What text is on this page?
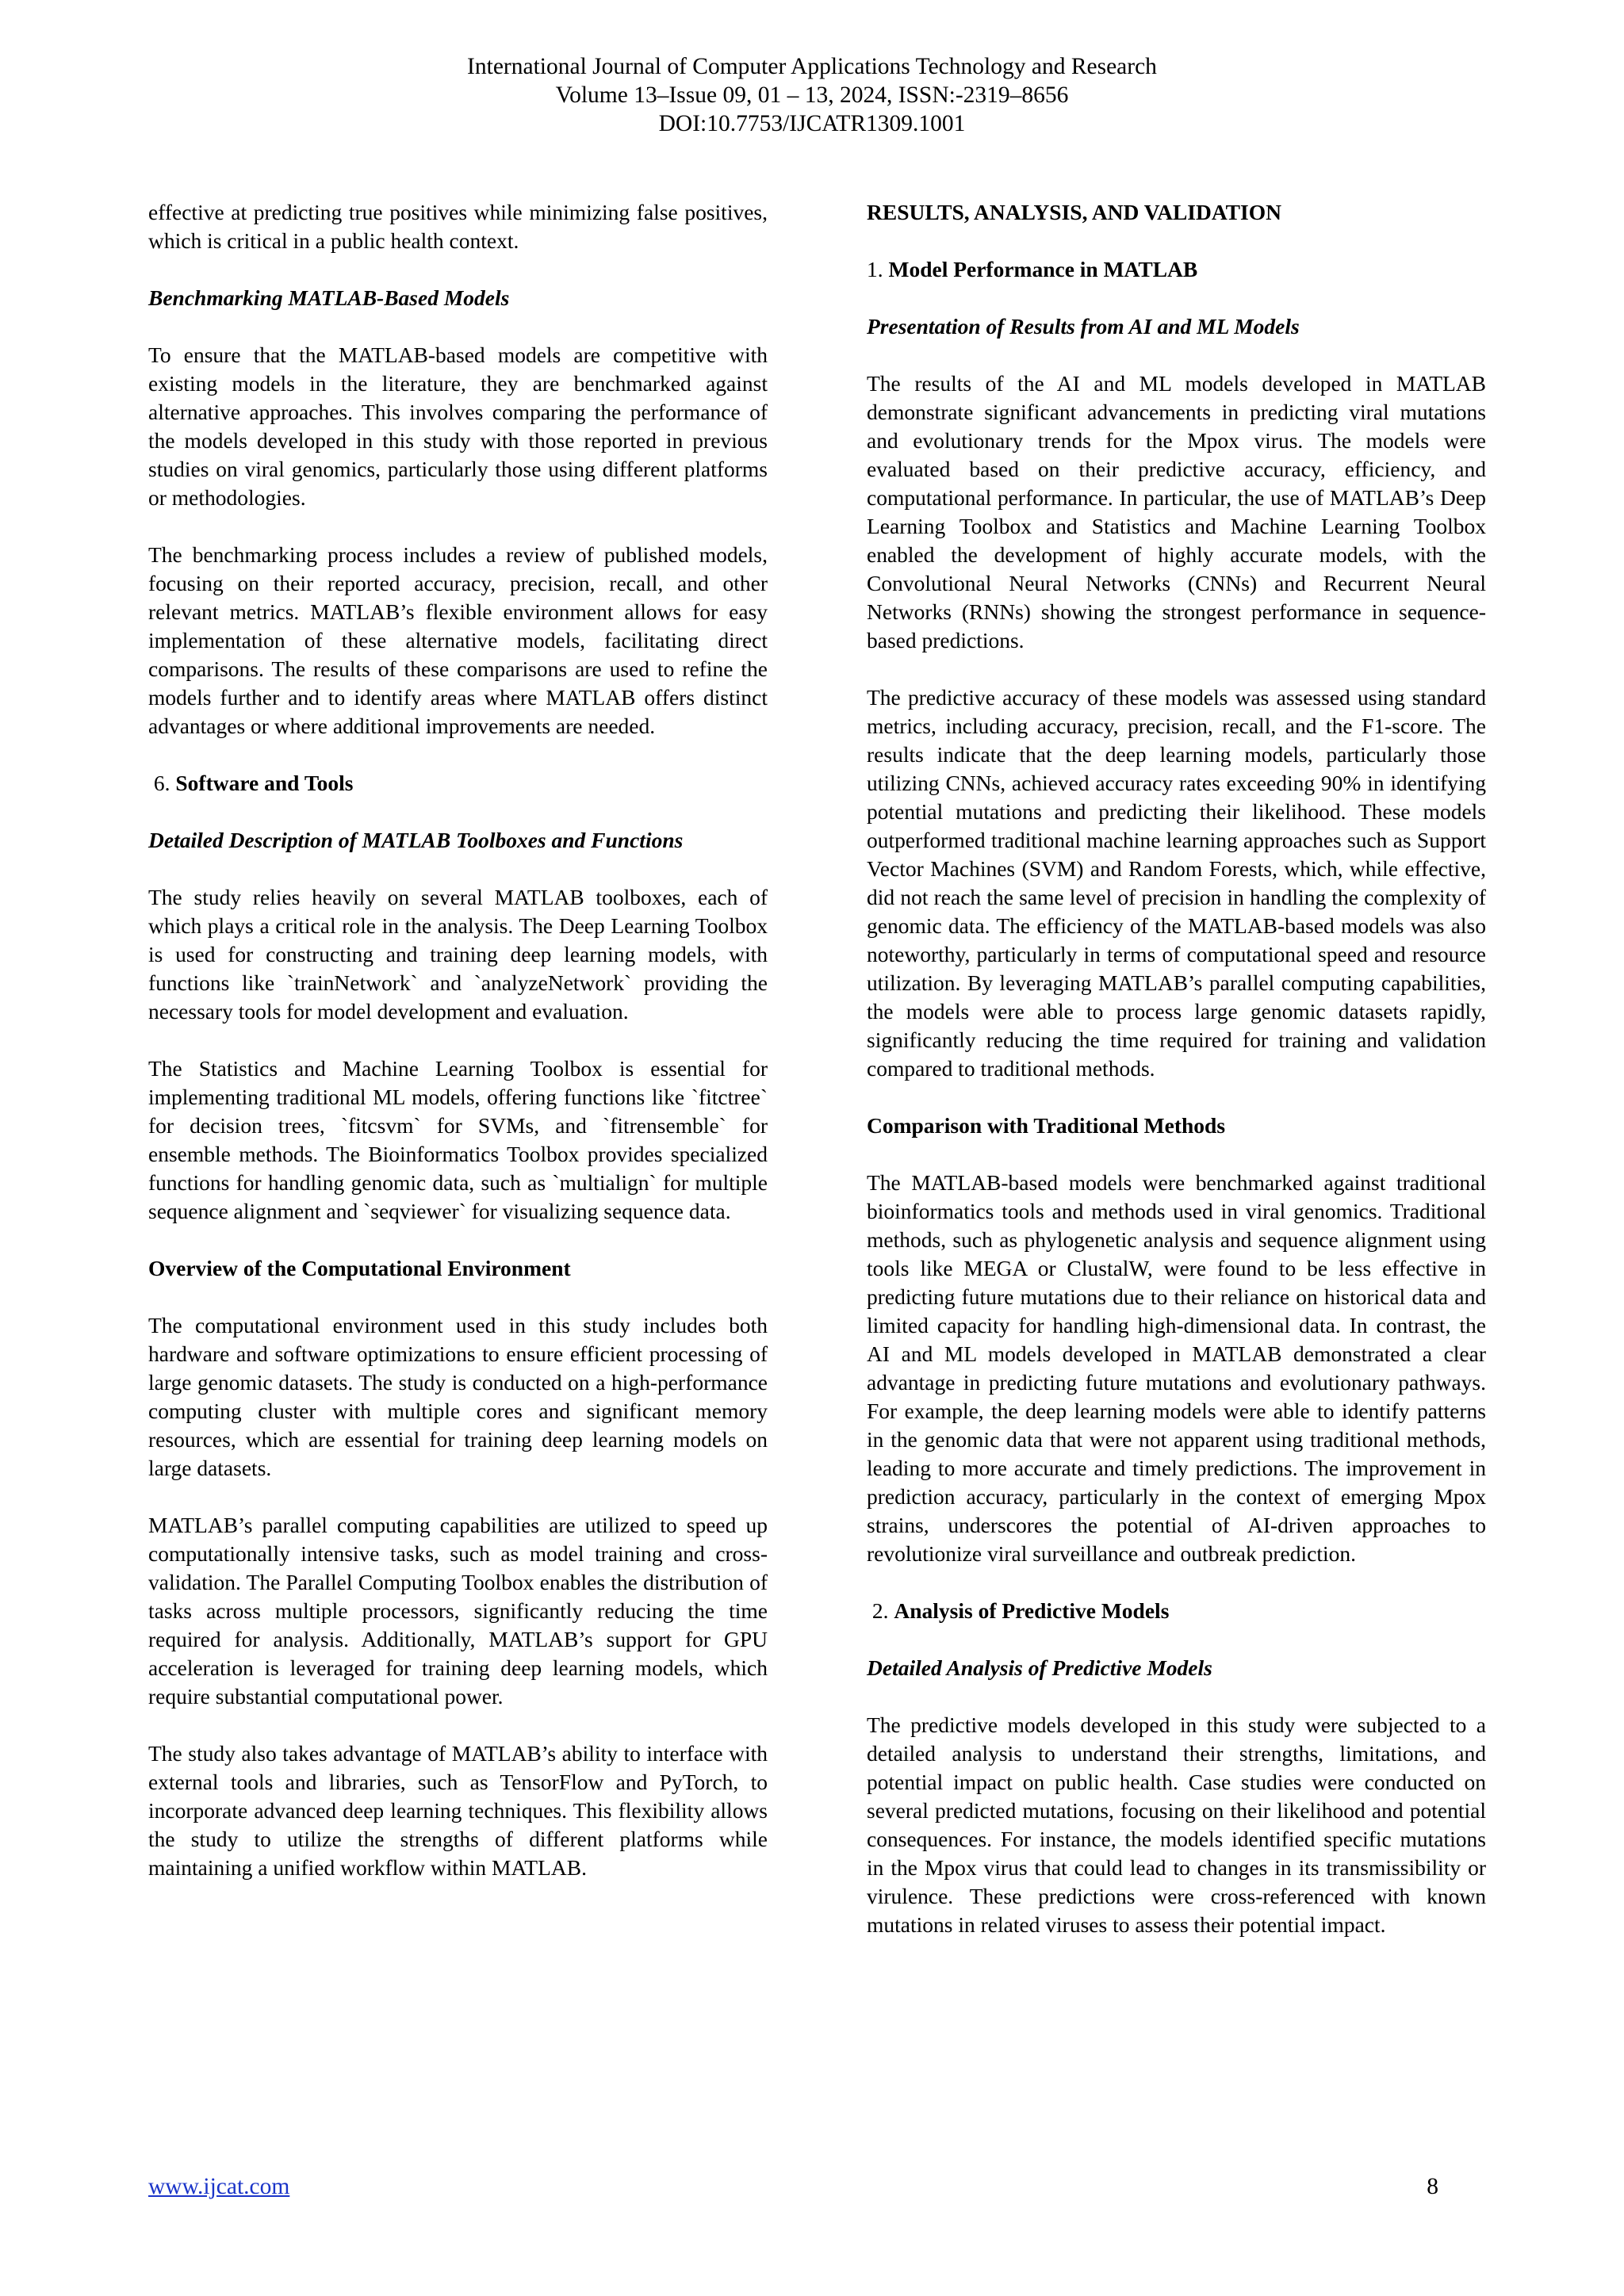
International Journal of Computer Applications Technology and Research
Volume 13–Issue 09, 01 – 13, 2024, ISSN:-2319–8656
DOI:10.7753/IJCATR1309.1001

effective at predicting true positives while minimizing false positives, which is critical in a public health context.

Benchmarking MATLAB-Based Models

To ensure that the MATLAB-based models are competitive with existing models in the literature, they are benchmarked against alternative approaches. This involves comparing the performance of the models developed in this study with those reported in previous studies on viral genomics, particularly those using different platforms or methodologies.

The benchmarking process includes a review of published models, focusing on their reported accuracy, precision, recall, and other relevant metrics. MATLAB’s flexible environment allows for easy implementation of these alternative models, facilitating direct comparisons. The results of these comparisons are used to refine the models further and to identify areas where MATLAB offers distinct advantages or where additional improvements are needed.

6. Software and Tools

Detailed Description of MATLAB Toolboxes and Functions

The study relies heavily on several MATLAB toolboxes, each of which plays a critical role in the analysis. The Deep Learning Toolbox is used for constructing and training deep learning models, with functions like `trainNetwork` and `analyzeNetwork` providing the necessary tools for model development and evaluation.

The Statistics and Machine Learning Toolbox is essential for implementing traditional ML models, offering functions like `fitctree` for decision trees, `fitcsvm` for SVMs, and `fitrensemble` for ensemble methods. The Bioinformatics Toolbox provides specialized functions for handling genomic data, such as `multialign` for multiple sequence alignment and `seqviewer` for visualizing sequence data.

Overview of the Computational Environment

The computational environment used in this study includes both hardware and software optimizations to ensure efficient processing of large genomic datasets. The study is conducted on a high-performance computing cluster with multiple cores and significant memory resources, which are essential for training deep learning models on large datasets.

MATLAB’s parallel computing capabilities are utilized to speed up computationally intensive tasks, such as model training and cross-validation. The Parallel Computing Toolbox enables the distribution of tasks across multiple processors, significantly reducing the time required for analysis. Additionally, MATLAB’s support for GPU acceleration is leveraged for training deep learning models, which require substantial computational power.

The study also takes advantage of MATLAB’s ability to interface with external tools and libraries, such as TensorFlow and PyTorch, to incorporate advanced deep learning techniques. This flexibility allows the study to utilize the strengths of different platforms while maintaining a unified workflow within MATLAB.

RESULTS, ANALYSIS, AND VALIDATION

1. Model Performance in MATLAB

Presentation of Results from AI and ML Models

The results of the AI and ML models developed in MATLAB demonstrate significant advancements in predicting viral mutations and evolutionary trends for the Mpox virus. The models were evaluated based on their predictive accuracy, efficiency, and computational performance. In particular, the use of MATLAB’s Deep Learning Toolbox and Statistics and Machine Learning Toolbox enabled the development of highly accurate models, with the Convolutional Neural Networks (CNNs) and Recurrent Neural Networks (RNNs) showing the strongest performance in sequence-based predictions.

The predictive accuracy of these models was assessed using standard metrics, including accuracy, precision, recall, and the F1-score. The results indicate that the deep learning models, particularly those utilizing CNNs, achieved accuracy rates exceeding 90% in identifying potential mutations and predicting their likelihood. These models outperformed traditional machine learning approaches such as Support Vector Machines (SVM) and Random Forests, which, while effective, did not reach the same level of precision in handling the complexity of genomic data. The efficiency of the MATLAB-based models was also noteworthy, particularly in terms of computational speed and resource utilization. By leveraging MATLAB’s parallel computing capabilities, the models were able to process large genomic datasets rapidly, significantly reducing the time required for training and validation compared to traditional methods.

Comparison with Traditional Methods

The MATLAB-based models were benchmarked against traditional bioinformatics tools and methods used in viral genomics. Traditional methods, such as phylogenetic analysis and sequence alignment using tools like MEGA or ClustalW, were found to be less effective in predicting future mutations due to their reliance on historical data and limited capacity for handling high-dimensional data. In contrast, the AI and ML models developed in MATLAB demonstrated a clear advantage in predicting future mutations and evolutionary pathways. For example, the deep learning models were able to identify patterns in the genomic data that were not apparent using traditional methods, leading to more accurate and timely predictions. The improvement in prediction accuracy, particularly in the context of emerging Mpox strains, underscores the potential of AI-driven approaches to revolutionize viral surveillance and outbreak prediction.

2. Analysis of Predictive Models

Detailed Analysis of Predictive Models

The predictive models developed in this study were subjected to a detailed analysis to understand their strengths, limitations, and potential impact on public health. Case studies were conducted on several predicted mutations, focusing on their likelihood and potential consequences. For instance, the models identified specific mutations in the Mpox virus that could lead to changes in its transmissibility or virulence. These predictions were cross-referenced with known mutations in related viruses to assess their potential impact.

www.ijcat.com	8
